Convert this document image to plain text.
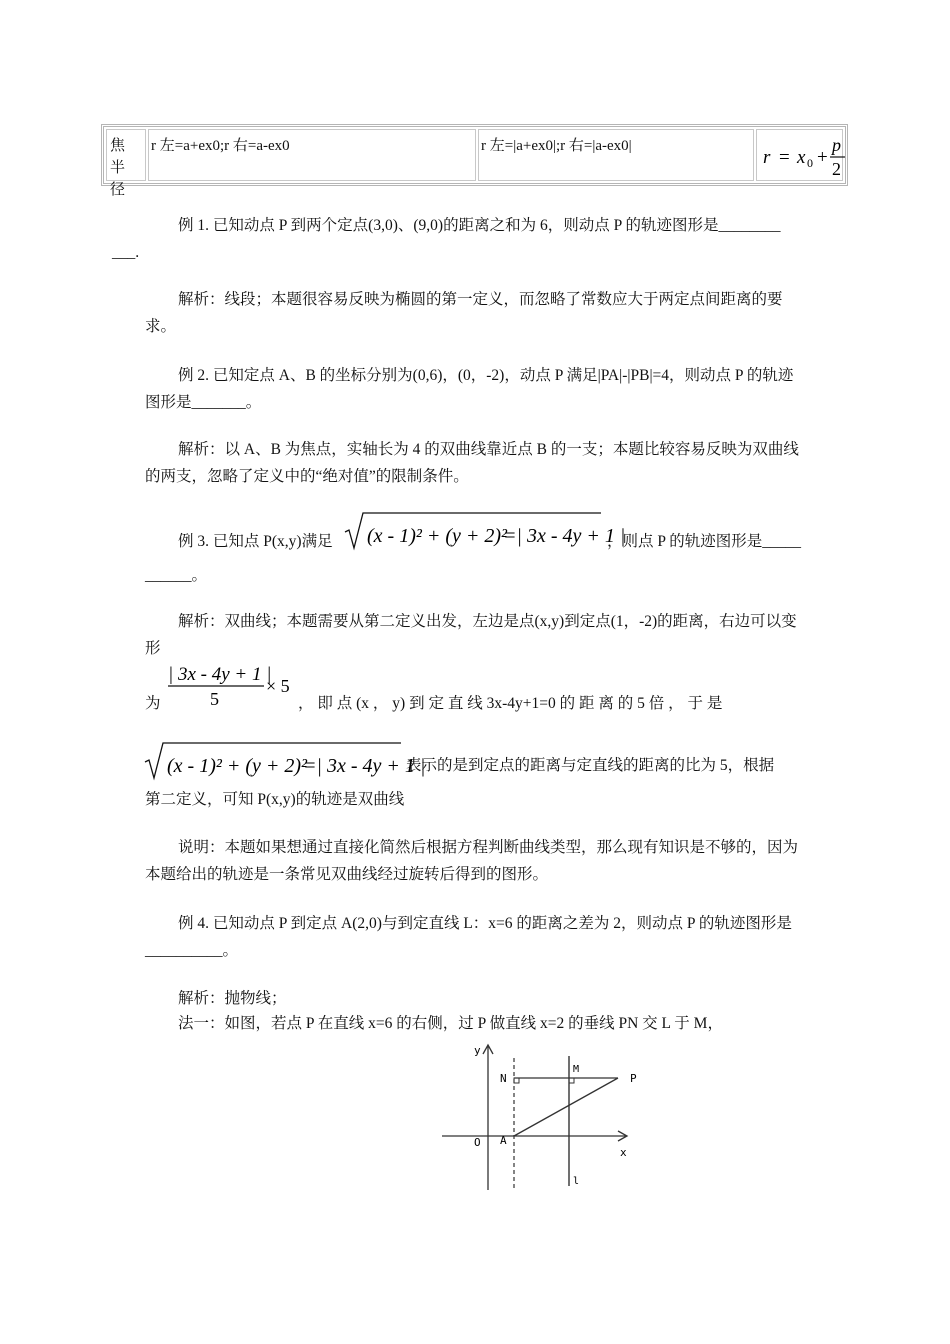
焦半径
r 左=a+ex0;r 右=a-ex0	r 左=|a+ex0|;r 右=|a-ex0|
r = x 0 +
p
2
例 1. 已知动点 P 到两个定点(3,0)、(9,0)的距离之和为 6，则动点 P 的轨迹图形是________
___.
解析：线段；本题很容易反映为椭圆的第一定义，而忽略了常数应大于两定点间距离的要求。
例 2. 已知定点 A、B 的坐标分别为(0,6)，(0，-2)，动点 P 满足|PA|-|PB|=4，则动点 P 的轨迹图形是_______。
解析：以 A、B 为焦点，实轴长为 4 的双曲线靠近点 B 的一支；本题比较容易反映为双曲线的两支，忽略了定义中的“绝对值”的限制条件。
例 3. 已知点 P(x,y)满足 (x - 1)² + (y + 2)²
=| 3x - 4y + 1 |
，则点 P 的轨迹图形是_____
______。
解析：双曲线；本题需要从第二定义出发，左边是点(x,y)到定点(1，-2)的距离，右边可以变形
为
| 3x - 4y + 1 |
5
× 5
， 即 点 (x ， y) 到 定 直 线 3x-4y+1=0 的 距 离 的 5 倍 ， 于 是
(x - 1)² + (y + 2)²
=| 3x - 4y + 1 |
表示的是到定点的距离与定直线的距离的比为 5，根据
第二定义，可知 P(x,y)的轨迹是双曲线
说明：本题如果想通过直接化简然后根据方程判断曲线类型，那么现有知识是不够的，因为本题给出的轨迹是一条常见双曲线经过旋转后得到的图形。
例 4. 已知动点 P 到定点 A(2,0)与到定直线 L：x=6 的距离之差为 2，则动点 P 的轨迹图形是__________。
解析：抛物线；
法一：如图，若点 P 在直线 x=6 的右侧，过 P 做直线 x=2 的垂线 PN 交 L 于 M，
y
x
O A
N
M
P
l
